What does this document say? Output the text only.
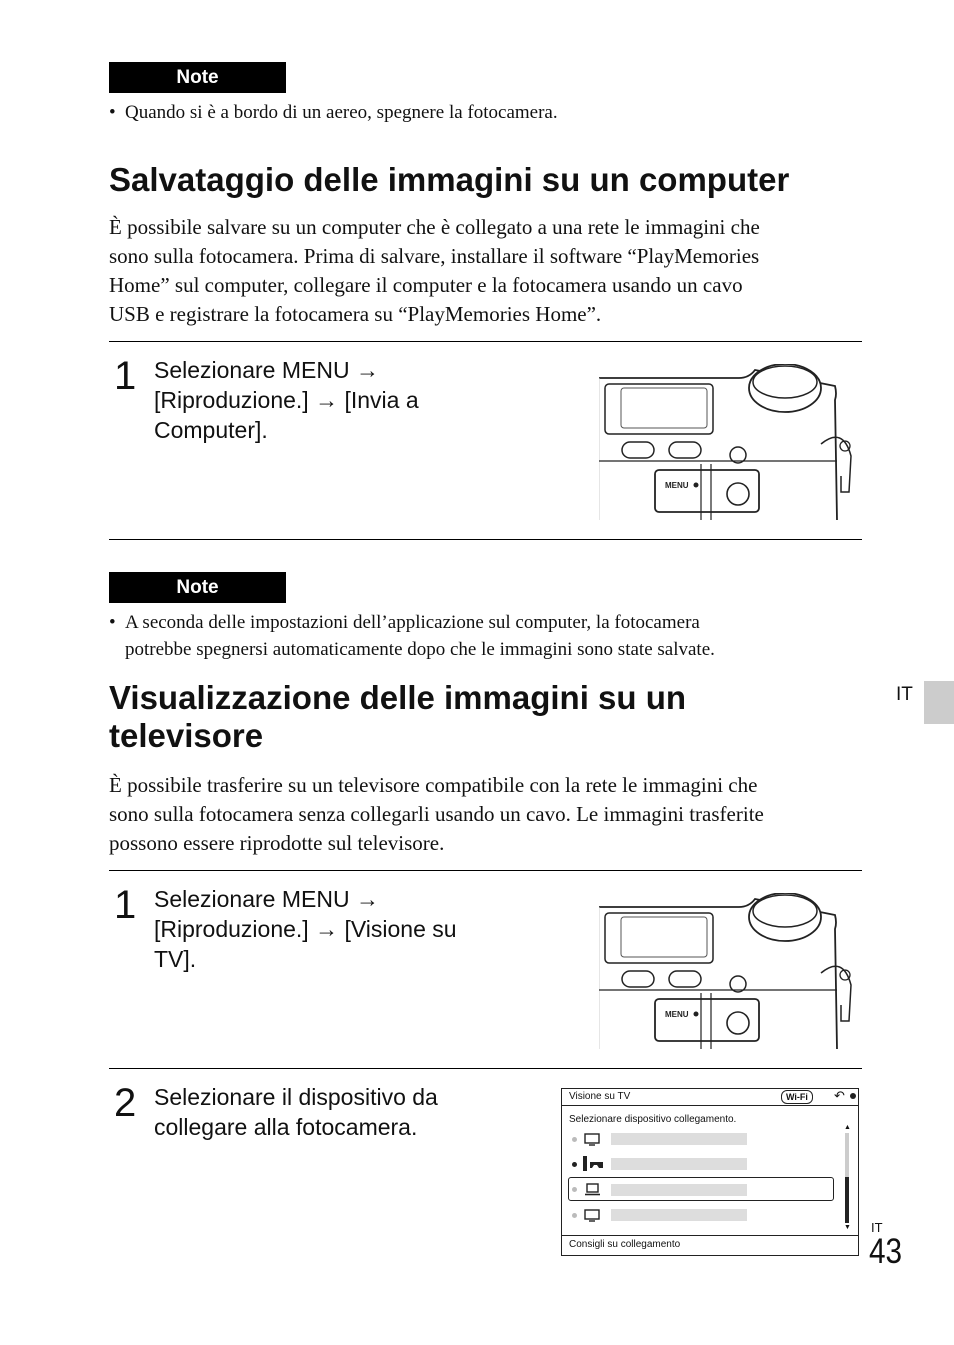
Note
• Quando si è a bordo di un aereo, spegnere la fotocamera.
Salvataggio delle immagini su un computer
È possibile salvare su un computer che è collegato a una rete le immagini che
sono sulla fotocamera. Prima di salvare, installare il software “PlayMemories
Home” sul computer, collegare il computer e la fotocamera usando un cavo
USB e registrare la fotocamera su “PlayMemories Home”.
1 Selezionare MENU →
[Riproduzione.] → [Invia a
Computer].
MENU
Note
• A seconda delle impostazioni dell’applicazione sul computer, la fotocamera
potrebbe spegnersi automaticamente dopo che le immagini sono state salvate.
Visualizzazione delle immagini su un
televisore
È possibile trasferire su un televisore compatibile con la rete le immagini che
sono sulla fotocamera senza collegarli usando un cavo. Le immagini trasferite
possono essere riprodotte sul televisore.
1 Selezionare MENU →
[Riproduzione.] → [Visione su
TV].
MENU
2 Selezionare il dispositivo da
collegare alla fotocamera.
Visione su TV	Wi-Fi	↶
Selezionare dispositivo collegamento.
▲
▼
Consigli su collegamento
IT
IT
43
